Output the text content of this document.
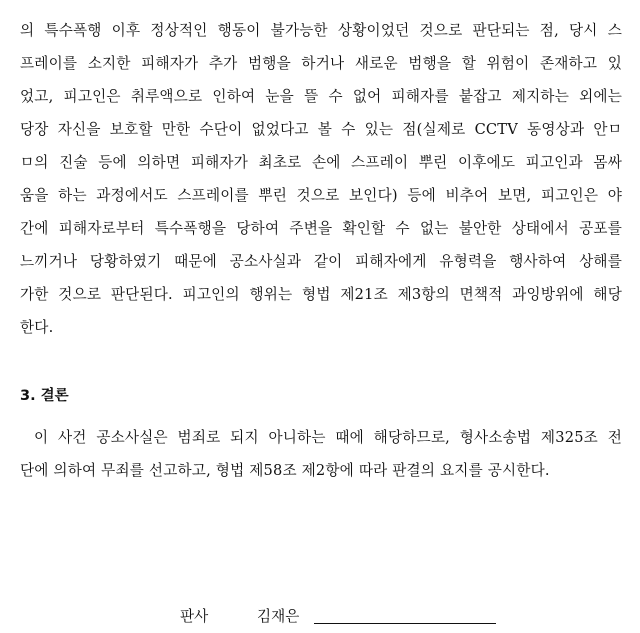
의 특수폭행 이후 정상적인 행동이 불가능한 상황이었던 것으로 판단되는 점, 당시 스
프레이를 소지한 피해자가 추가 범행을 하거나 새로운 범행을 할 위험이 존재하고 있
었고, 피고인은 취루액으로 인하여 눈을 뜰 수 없어 피해자를 붙잡고 제지하는 외에는
당장 자신을 보호할 만한 수단이 없었다고 볼 수 있는 점(실제로 CCTV 동영상과 안ㅁ
ㅁ의 진술 등에 의하면 피해자가 최초로 손에 스프레이 뿌린 이후에도 피고인과 몸싸
움을 하는 과정에서도 스프레이를 뿌린 것으로 보인다) 등에 비추어 보면, 피고인은 야
간에 피해자로부터 특수폭행을 당하여 주변을 확인할 수 없는 불안한 상태에서 공포를
느끼거나 당황하였기 때문에 공소사실과 같이 피해자에게 유형력을 행사하여 상해를
가한 것으로 판단된다. 피고인의 행위는 형법 제21조 제3항의 면책적 과잉방위에 해당
한다.
3. 결론
이 사건 공소사실은 범죄로 되지 아니하는 때에 해당하므로, 형사소송법 제325조 전
단에 의하여 무죄를 선고하고, 형법 제58조 제2항에 따라 판결의 요지를 공시한다.
판사	김재은
